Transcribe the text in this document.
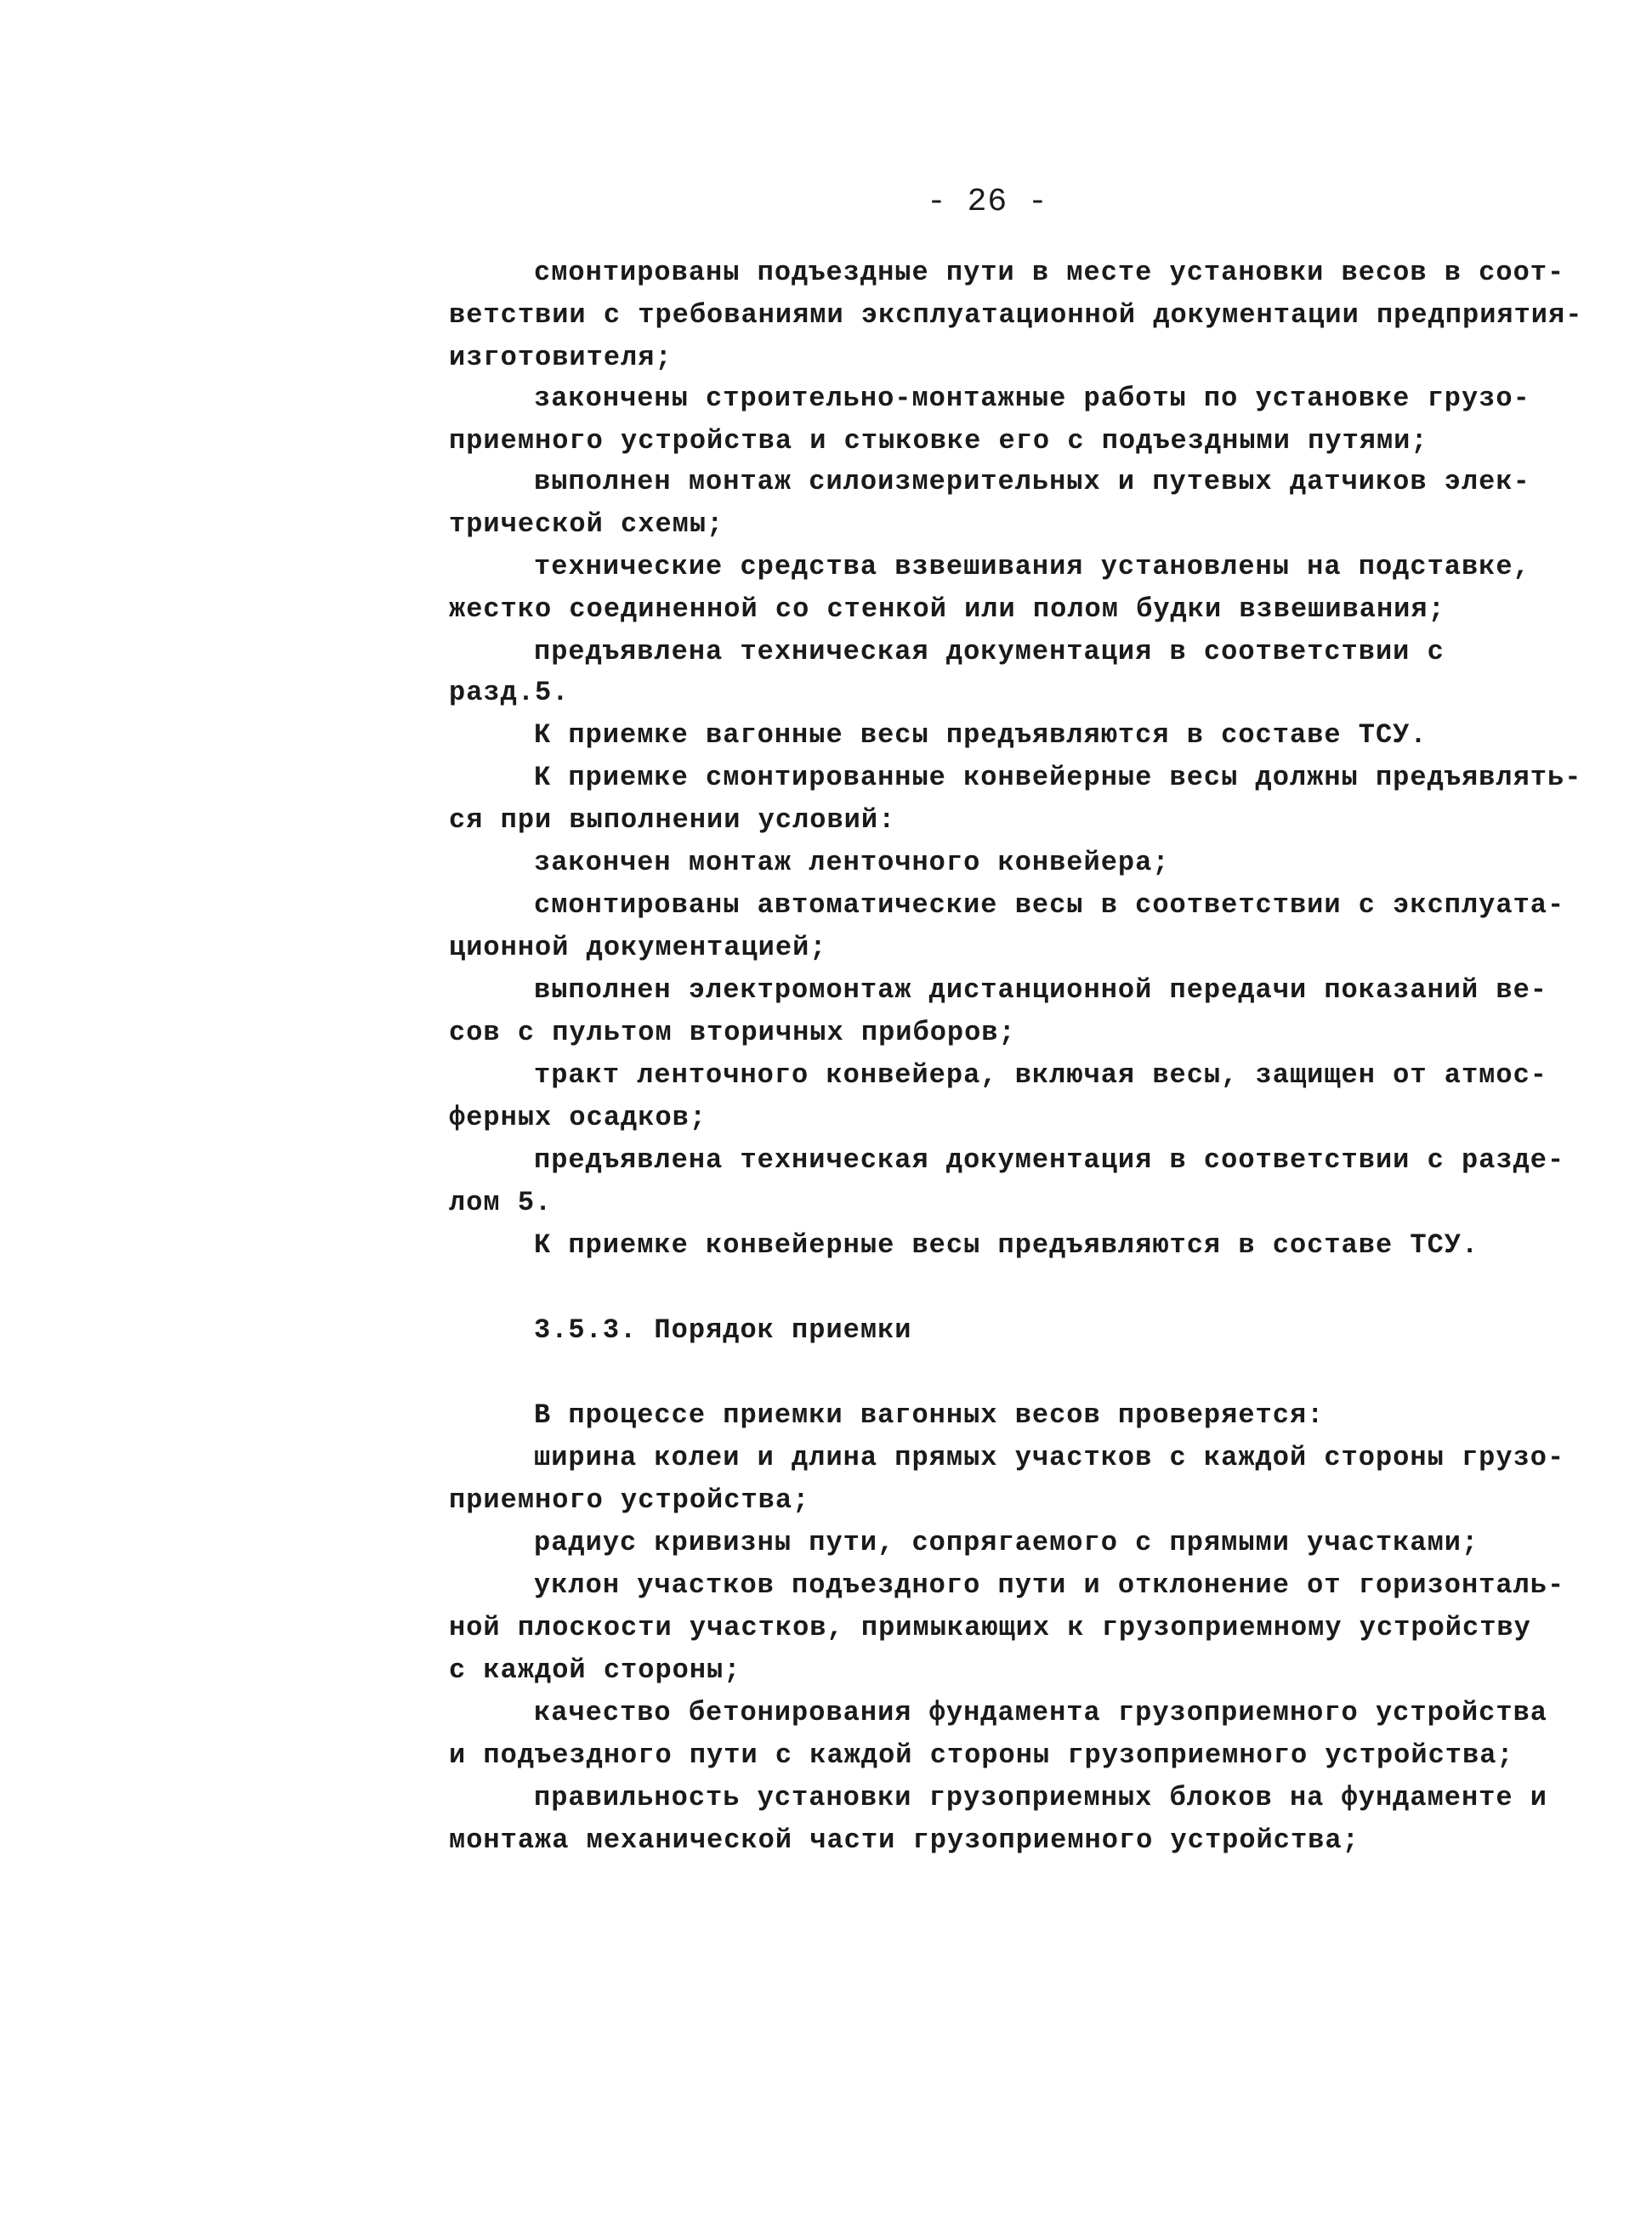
- 26 -
смонтированы подъездные пути в месте установки весов в соот-
ветствии с требованиями эксплуатационной документации предприятия-
изготовителя;
закончены строительно-монтажные работы по установке грузо-
приемного устройства и стыковке его с подъездными путями;
выполнен монтаж силоизмерительных и путевых датчиков элек-
трической схемы;
технические средства взвешивания установлены на подставке,
жестко соединенной со стенкой или полом будки взвешивания;
предъявлена техническая документация в соответствии с
разд.5.
К приемке вагонные весы предъявляются в составе ТСУ.
К приемке смонтированные конвейерные весы должны предъявлять-
ся при выполнении условий:
закончен монтаж ленточного конвейера;
смонтированы автоматические весы в соответствии с эксплуата-
ционной документацией;
выполнен электромонтаж дистанционной передачи показаний ве-
сов с пультом вторичных приборов;
тракт ленточного конвейера, включая весы, защищен от атмос-
ферных осадков;
предъявлена техническая документация в соответствии с разде-
лом 5.
К приемке конвейерные весы предъявляются в составе ТСУ.
3.5.3. Порядок приемки
В процессе приемки вагонных весов проверяется:
ширина колеи и длина прямых участков с каждой стороны грузо-
приемного устройства;
радиус кривизны пути, сопрягаемого с прямыми участками;
уклон участков подъездного пути и отклонение от горизонталь-
ной плоскости участков, примыкающих к грузоприемному устройству
с каждой стороны;
качество бетонирования фундамента грузоприемного устройства
и подъездного пути с каждой стороны грузоприемного устройства;
правильность установки грузоприемных блоков на фундаменте и
монтажа механической части грузоприемного устройства;
